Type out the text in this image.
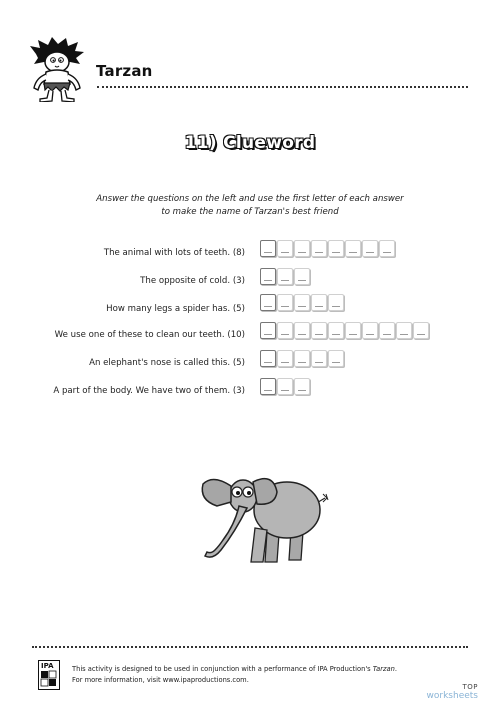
Tarzan
11) Clueword
Answer the questions on the left and use the first letter of each answer
to make the name of Tarzan's best friend
The animal with lots of teeth. (8)
The opposite of cold. (3)
How many legs a spider has. (5)
We use one of these to clean our teeth. (10)
An elephant's nose is called this. (5)
A part of the body. We have two of them. (3)
IPA	This activity is designed to be used in conjunction with a performance of IPA Production's Tarzan.
For more information, visit www.ipaproductions.com.
TOP
worksheets
